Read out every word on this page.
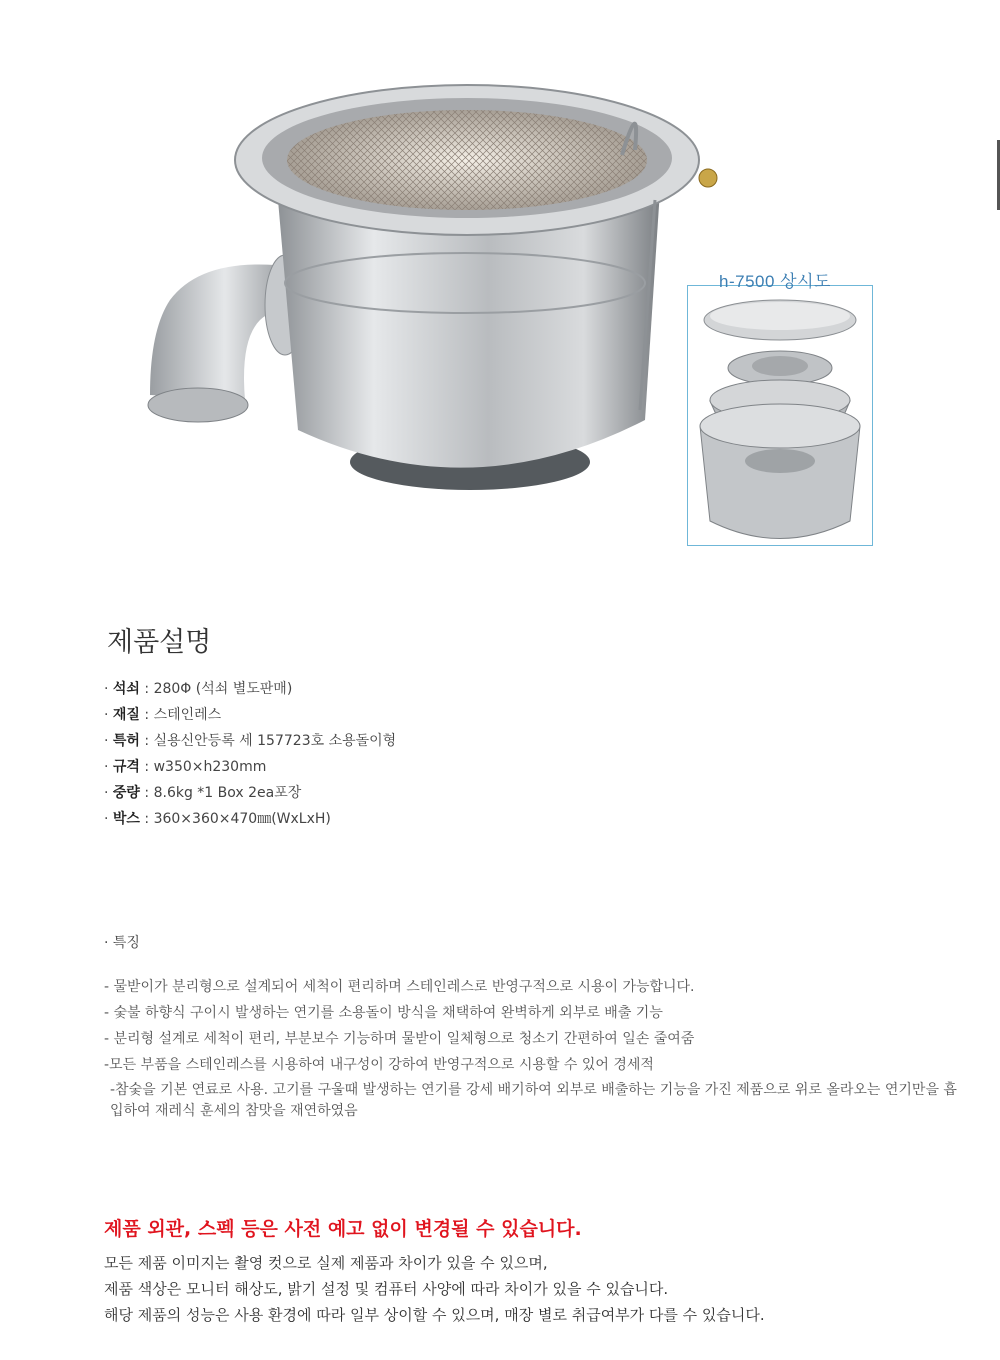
h-7500 상시도
제품설명
· 석쇠 : 280Φ (석쇠 별도판매)
· 재질 : 스테인레스
· 특허 : 실용신안등록 세 157723호 소용돌이형
· 규격 : w350×h230mm
· 중량 : 8.6kg *1 Box 2ea포장
· 박스 : 360×360×470㎜(WxLxH)
· 특징
- 물받이가 분리형으로 설계되어 세척이 편리하며 스테인레스로 반영구적으로 시용이 가능합니다.
- 숯불 하향식 구이시 발생하는 연기를 소용돌이 방식을 채택하여 완벽하게 외부로 배출 기능
- 분리형 설계로 세척이 편리, 부분보수 기능하며 물받이 일체형으로 청소기 간편하여 일손 줄여줌
-모든 부품을 스테인레스를 시용하여 내구성이 강하여 반영구적으로 시용할 수 있어 경세적
-참숯을 기본 연료로 사용. 고기를 구울때 발생하는 연기를 강세 배기하여 외부로 배출하는 기능을 가진 제품으로 위로 올라오는 연기만을 흡입하여 재레식 훈세의 참맛을 재연하였음
제품 외관, 스펙 등은 사전 예고 없이 변경될 수 있습니다.
모든 제품 이미지는 촬영 컷으로 실제 제품과 차이가 있을 수 있으며,
제품 색상은 모니터 해상도, 밝기 설정 및 컴퓨터 사양에 따라 차이가 있을 수 있습니다.
해당 제품의 성능은 사용 환경에 따라 일부 상이할 수 있으며, 매장 별로 취급여부가 다를 수 있습니다.
